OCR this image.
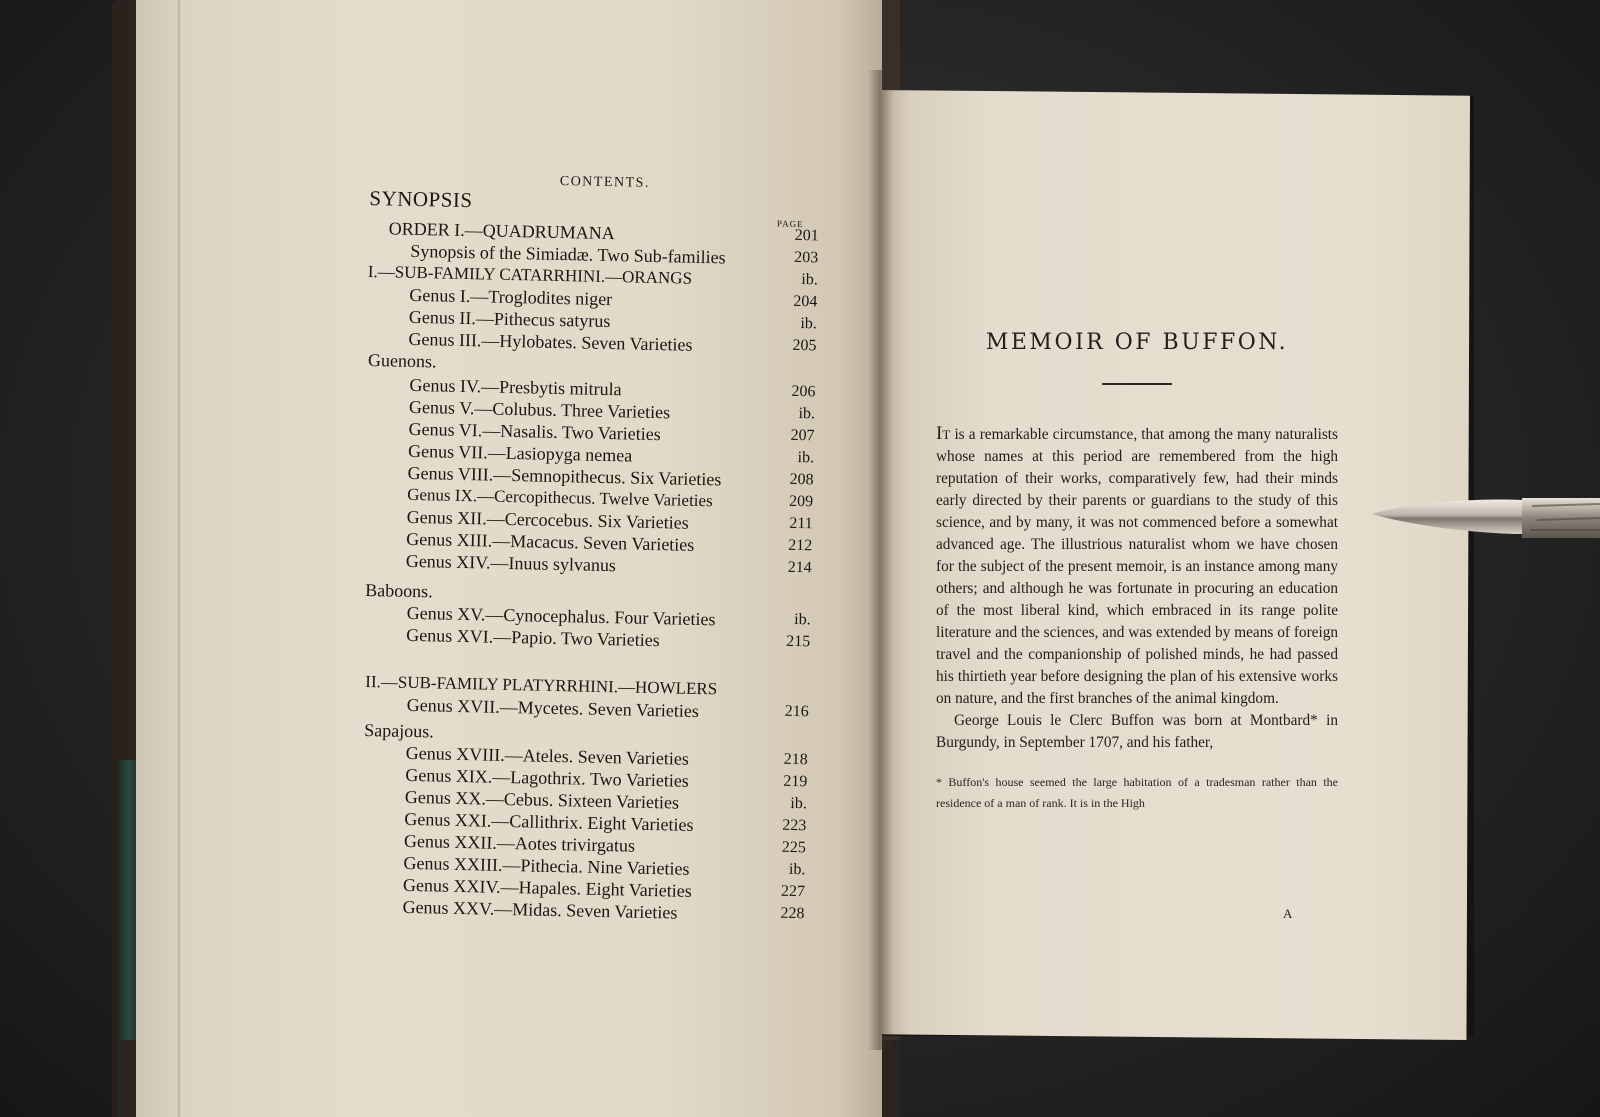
CONTENTS.
PAGE
SYNOPSIS
ORDER I.—QUADRUMANA	201
Synopsis of the Simiadæ. Two Sub-families	203
I.—SUB-FAMILY CATARRHINI.—ORANGS	ib.
Genus I.—Troglodites niger	204
Genus II.—Pithecus satyrus	ib.
Genus III.—Hylobates. Seven Varieties	205
Guenons.
Genus IV.—Presbytis mitrula	206
Genus V.—Colubus. Three Varieties	ib.
Genus VI.—Nasalis. Two Varieties	207
Genus VII.—Lasiopyga nemea	ib.
Genus VIII.—Semnopithecus. Six Varieties	208
Genus IX.—Cercopithecus. Twelve Varieties	209
Genus XII.—Cercocebus. Six Varieties	211
Genus XIII.—Macacus. Seven Varieties	212
Genus XIV.—Inuus sylvanus	214
Baboons.
Genus XV.—Cynocephalus. Four Varieties	ib.
Genus XVI.—Papio. Two Varieties	215
II.—SUB-FAMILY PLATYRRHINI.—HOWLERS
Genus XVII.—Mycetes. Seven Varieties	216
Sapajous.
Genus XVIII.—Ateles. Seven Varieties	218
Genus XIX.—Lagothrix. Two Varieties	219
Genus XX.—Cebus. Sixteen Varieties	ib.
Genus XXI.—Callithrix. Eight Varieties	223
Genus XXII.—Aotes trivirgatus	225
Genus XXIII.—Pithecia. Nine Varieties	ib.
Genus XXIV.—Hapales. Eight Varieties	227
Genus XXV.—Midas. Seven Varieties	228
MEMOIR OF BUFFON.

It is a remarkable circumstance, that among the many naturalists whose names at this period are remembered from the high reputation of their works, comparatively few, had their minds early directed by their parents or guardians to the study of this science, and by many, it was not commenced before a somewhat advanced age. The illustrious naturalist whom we have chosen for the subject of the present memoir, is an instance among many others; and although he was fortunate in procuring an education of the most liberal kind, which embraced in its range polite literature and the sciences, and was extended by means of foreign travel and the companionship of polished minds, he had passed his thirtieth year before designing the plan of his extensive works on nature, and the first branches of the animal kingdom.

George Louis le Clerc Buffon was born at Montbard* in Burgundy, in September 1707, and his father,

* Buffon's house seemed the large habitation of a tradesman rather than the residence of a man of rank. It is in the High
A
